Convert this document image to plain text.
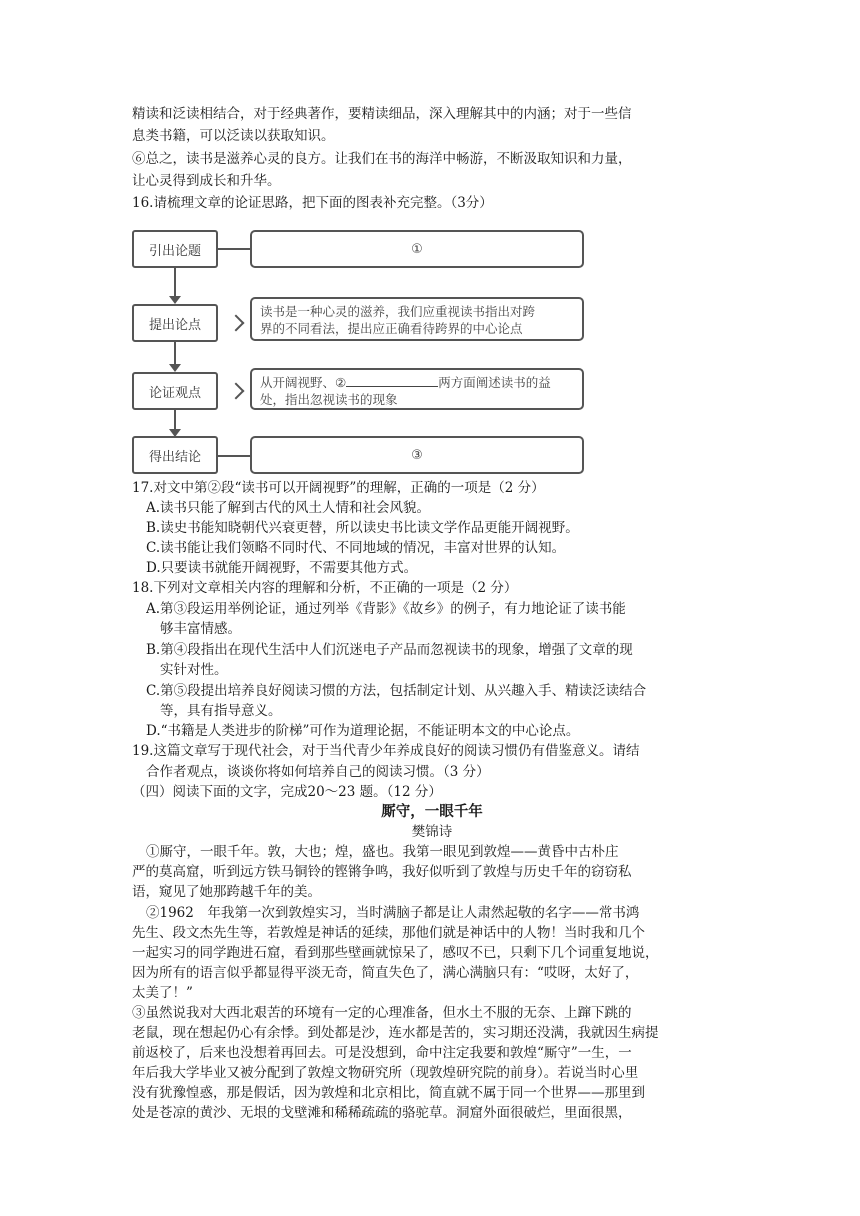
精读和泛读相结合，对于经典著作，要精读细品，深入理解其中的内涵；对于一些信
息类书籍，可以泛读以获取知识。
⑥总之，读书是滋养心灵的良方。让我们在书的海洋中畅游，不断汲取知识和力量，
让心灵得到成长和升华。
16.请梳理文章的论证思路，把下面的图表补充完整。（3分）
引出论题	①
提出论点
读书是一种心灵的滋养，我们应重视读书指出对跨
界的不同看法，提出应正确看待跨界的中心论点
论证观点
从开阔视野、②	两方面阐述读书的益
处，指出忽视读书的现象
得出结论	③
17.对文中第②段“读书可以开阔视野”的理解，正确的一项是（2 分）
A.读书只能了解到古代的风土人情和社会风貌。
B.读史书能知晓朝代兴衰更替，所以读史书比读文学作品更能开阔视野。
C.读书能让我们领略不同时代、不同地域的情况，丰富对世界的认知。
D.只要读书就能开阔视野，不需要其他方式。
18.下列对文章相关内容的理解和分析，不正确的一项是（2 分）
A.第③段运用举例论证，通过列举《背影》《故乡》的例子，有力地论证了读书能
够丰富情感。
B.第④段指出在现代生活中人们沉迷电子产品而忽视读书的现象，增强了文章的现
实针对性。
C.第⑤段提出培养良好阅读习惯的方法，包括制定计划、从兴趣入手、精读泛读结合
等，具有指导意义。
D.“书籍是人类进步的阶梯”可作为道理论据，不能证明本文的中心论点。
19.这篇文章写于现代社会，对于当代青少年养成良好的阅读习惯仍有借鉴意义。请结
合作者观点，谈谈你将如何培养自己的阅读习惯。（3 分）
（四）阅读下面的文字，完成20～23 题。（12 分）
厮守，一眼千年
樊锦诗
①厮守，一眼千年。敦，大也；煌，盛也。我第一眼见到敦煌——黄昏中古朴庄
严的莫高窟，听到远方铁马铜铃的铿锵争鸣，我好似听到了敦煌与历史千年的窃窃私
语，窥见了她那跨越千年的美。
②1962　年我第一次到敦煌实习，当时满脑子都是让人肃然起敬的名字——常书鸿
先生、段文杰先生等，若敦煌是神话的延续，那他们就是神话中的人物！当时我和几个
一起实习的同学跑进石窟，看到那些壁画就惊呆了，感叹不已，只剩下几个词重复地说，
因为所有的语言似乎都显得平淡无奇，简直失色了，满心满脑只有：“哎呀，太好了，
太美了！”
③虽然说我对大西北艰苦的环境有一定的心理准备，但水土不服的无奈、上蹿下跳的
老鼠，现在想起仍心有余悸。到处都是沙，连水都是苦的，实习期还没满，我就因生病提
前返校了，后来也没想着再回去。可是没想到，命中注定我要和敦煌“厮守”一生，一
年后我大学毕业又被分配到了敦煌文物研究所（现敦煌研究院的前身）。若说当时心里
没有犹豫惶惑，那是假话，因为敦煌和北京相比，简直就不属于同一个世界——那里到
处是苍凉的黄沙、无垠的戈壁滩和稀稀疏疏的骆驼草。洞窟外面很破烂，里面很黑，
